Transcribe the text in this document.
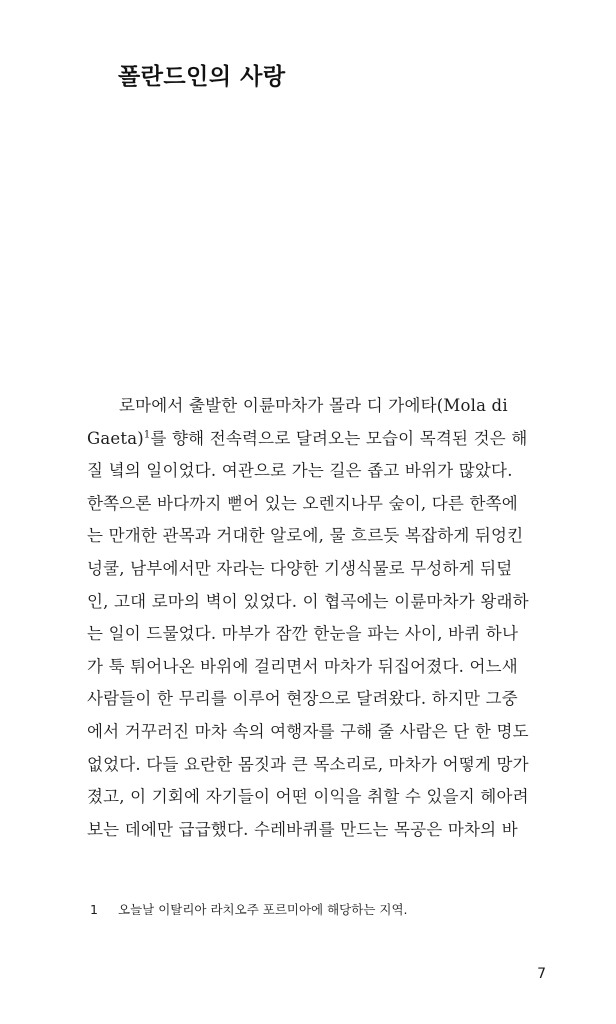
폴란드인의 사랑
로마에서 출발한 이륜마차가 몰라 디 가에타(Mola di
Gaeta)$^1$를 향해 전속력으로 달려오는 모습이 목격된 것은 해
질 녘의 일이었다. 여관으로 가는 길은 좁고 바위가 많았다.
한쪽으론 바다까지 뻗어 있는 오렌지나무 숲이, 다른 한쪽에
는 만개한 관목과 거대한 알로에, 물 흐르듯 복잡하게 뒤엉킨
넝쿨, 남부에서만 자라는 다양한 기생식물로 무성하게 뒤덮
인, 고대 로마의 벽이 있었다. 이 협곡에는 이륜마차가 왕래하
는 일이 드물었다. 마부가 잠깐 한눈을 파는 사이, 바퀴 하나
가 툭 튀어나온 바위에 걸리면서 마차가 뒤집어졌다. 어느새
사람들이 한 무리를 이루어 현장으로 달려왔다. 하지만 그중
에서 거꾸러진 마차 속의 여행자를 구해 줄 사람은 단 한 명도
없었다. 다들 요란한 몸짓과 큰 목소리로, 마차가 어떻게 망가
졌고, 이 기회에 자기들이 어떤 이익을 취할 수 있을지 헤아려
보는 데에만 급급했다. 수레바퀴를 만드는 목공은 마차의 바
1 오늘날 이탈리아 라치오주 포르미아에 해당하는 지역.
7
